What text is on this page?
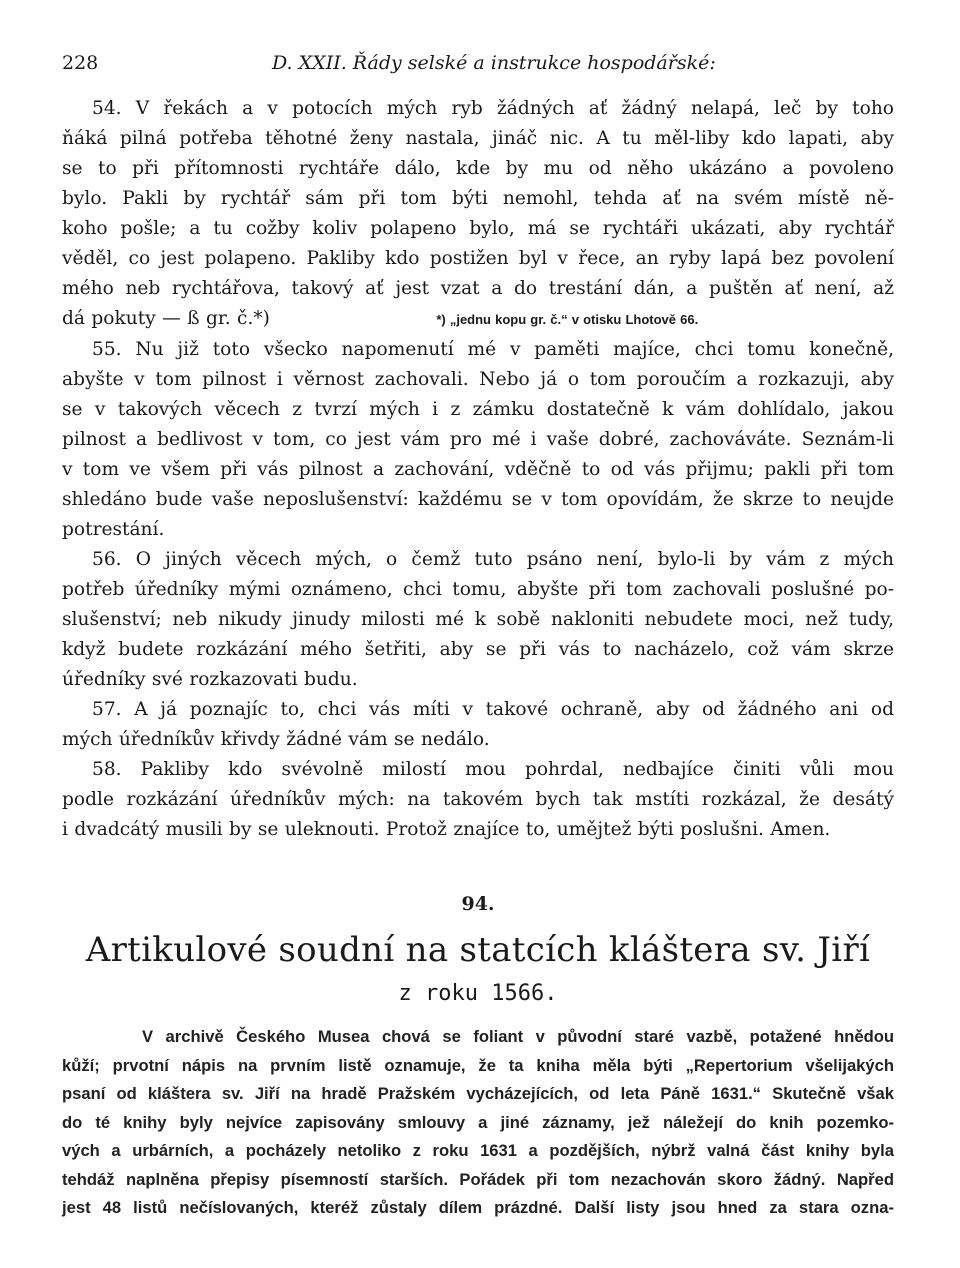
228	D. XXII. Řády selské a instrukce hospodářské:
54. V řekách a v potocích mých ryb žádných ať žádný nelapá, leč by toho
ňáká pilná potřeba těhotné ženy nastala, jináč nic. A tu měl-liby kdo lapati, aby
se to při přítomnosti rychtáře dálo, kde by mu od něho ukázáno a povoleno
bylo. Pakli by rychtář sám při tom býti nemohl, tehda ať na svém místě ně-
koho pošle; a tu cožby koliv polapeno bylo, má se rychtáři ukázati, aby rychtář
věděl, co jest polapeno. Pakliby kdo postižen byl v řece, an ryby lapá bez povolení
mého neb rychtářova, takový ať jest vzat a do trestání dán, a puštěn ať není, až
dá pokuty — ß gr. č.*)	*) „jednu kopu gr. č.“ v otisku Lhotově 66.
55. Nu již toto všecko napomenutí mé v paměti majíce, chci tomu konečně,
abyšte v tom pilnost i věrnost zachovali. Nebo já o tom poroučím a rozkazuji, aby
se v takových věcech z tvrzí mých i z zámku dostatečně k vám dohlídalo, jakou
pilnost a bedlivost v tom, co jest vám pro mé i vaše dobré, zachováváte. Seznám-li
v tom ve všem při vás pilnost a zachování, vděčně to od vás přijmu; pakli při tom
shledáno bude vaše neposlušenství: každému se v tom opovídám, že skrze to neujde
potrestání.
56. O jiných věcech mých, o čemž tuto psáno není, bylo-li by vám z mých
potřeb úředníky mými oznámeno, chci tomu, abyšte při tom zachovali poslušné po-
slušenství; neb nikudy jinudy milosti mé k sobě nakloniti nebudete moci, než tudy,
když budete rozkázání mého šetřiti, aby se při vás to nacházelo, což vám skrze
úředníky své rozkazovati budu.
57. A já poznajíc to, chci vás míti v takové ochraně, aby od žádného ani od
mých úředníkův křivdy žádné vám se nedálo.
58. Pakliby kdo svévolně milostí mou pohrdal, nedbajíce činiti vůli mou
podle rozkázání úředníkův mých: na takovém bych tak mstíti rozkázal, že desátý
i dvadcátý musili by se uleknouti. Protož znajíce to, umějtež býti poslušni. Amen.

94.

Artikulové soudní na statcích kláštera sv. Jiří

z roku 1566.

V archivě Českého Musea chová se foliant v původní staré vazbě, potažené hnědou
kůží; prvotní nápis na prvním listě oznamuje, že ta kniha měla býti „Repertorium všelijakých
psaní od kláštera sv. Jiří na hradě Pražském vycházejících, od leta Páně 1631.“ Skutečně však
do té knihy byly nejvíce zapisovány smlouvy a jiné záznamy, jež náležejí do knih pozemko-
vých a urbárních, a pocházely netoliko z roku 1631 a pozdějších, nýbrž valná část knihy byla
tehdáž naplněna přepisy písemností starších. Pořádek při tom nezachován skoro žádný. Napřed
jest 48 listů nečíslovaných, kteréž zůstaly dílem prázdné. Další listy jsou hned za stara ozna-
